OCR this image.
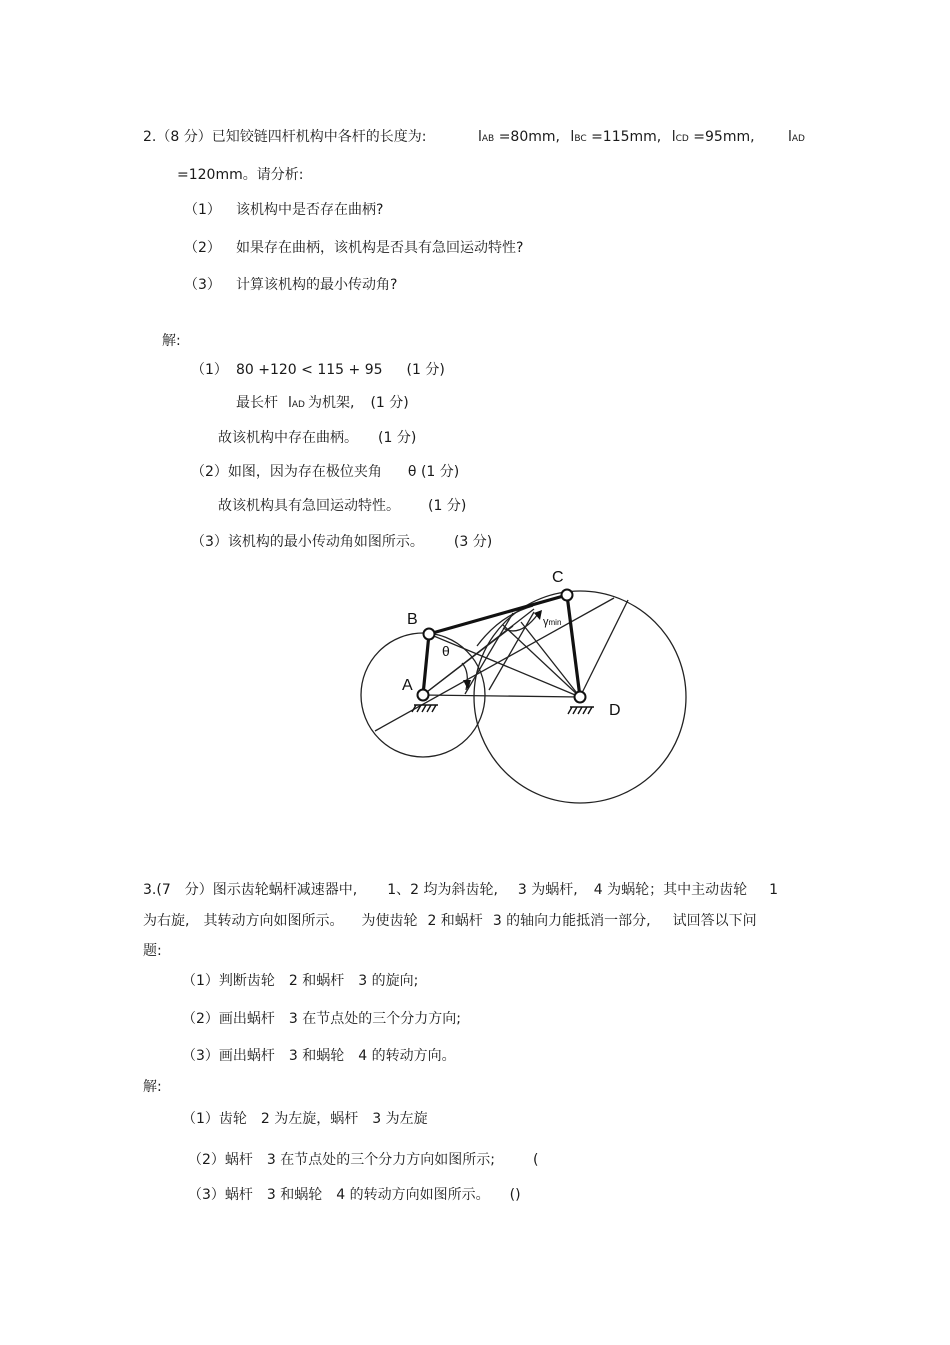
2.（8 分）已知铰链四杆机构中各杆的长度为:	lAB =80mm, lBC =115mm, lCD =95mm, lAD
=120mm。请分析:
（1） 该机构中是否存在曲柄?
（2） 如果存在曲柄，该机构是否具有急回运动特性?
（3） 计算该机构的最小传动角?
解:
（1） 80 +120 < 115 + 95 (1 分)
最长杆 lAD 为机架, (1 分)
故该机构中存在曲柄。 (1 分)
（2）如图，因为存在极位夹角 θ (1 分)
故该机构具有急回运动特性。 (1 分)
（3）该机构的最小传动角如图所示。 (3 分)
A
B
C
D
θ
γmin
3.(7　分）图示齿轮蜗杆减速器中, 1、2 均为斜齿轮, 3 为蜗杆, 4 为蜗轮；其中主动齿轮 1
为右旋, 其转动方向如图所示。 为使齿轮 2 和蜗杆 3 的轴向力能抵消一部分, 试回答以下问
题:
（1）判断齿轮　2 和蜗杆　3 的旋向;
（2）画出蜗杆　3 在节点处的三个分力方向;
（3）画出蜗杆　3 和蜗轮　4 的转动方向。
解:
（1）齿轮　2 为左旋，蜗杆　3 为左旋
（2）蜗杆　3 在节点处的三个分力方向如图所示;	(
（3）蜗杆　3 和蜗轮　4 的转动方向如图所示。 ()
